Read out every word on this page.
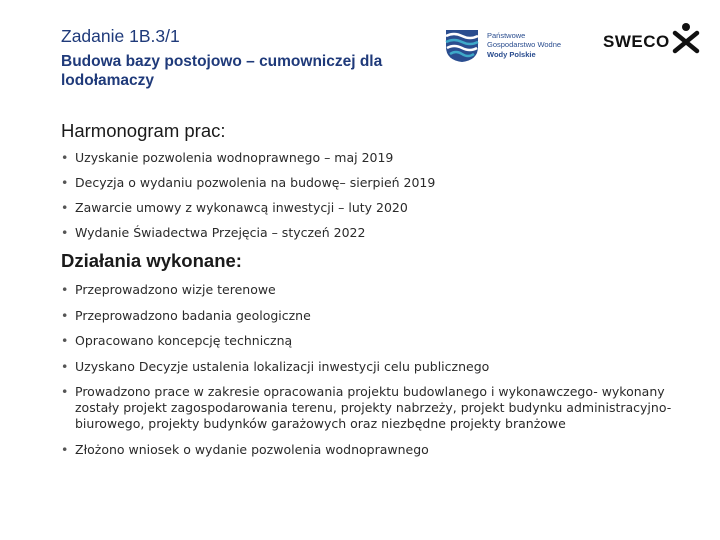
Zadanie 1B.3/1
Budowa bazy postojowo – cumowniczej dla lodołamaczy
Państwowe
Gospodarstwo Wodne
Wody Polskie
SWECO
Harmonogram prac:
• Uzyskanie pozwolenia wodnoprawnego – maj 2019
• Decyzja o wydaniu pozwolenia na budowę– sierpień 2019
• Zawarcie umowy z wykonawcą inwestycji – luty 2020
• Wydanie Świadectwa Przejęcia – styczeń 2022
Działania wykonane:
• Przeprowadzono wizje terenowe
• Przeprowadzono badania geologiczne
• Opracowano koncepcję techniczną
• Uzyskano Decyzje ustalenia lokalizacji inwestycji celu publicznego
• Prowadzono prace w zakresie opracowania projektu budowlanego i wykonawczego- wykonany zostały projekt zagospodarowania terenu, projekty nabrzeży, projekt budynku administracyjno-biurowego, projekty budynków garażowych oraz niezbędne projekty branżowe
• Złożono wniosek o wydanie pozwolenia wodnoprawnego
